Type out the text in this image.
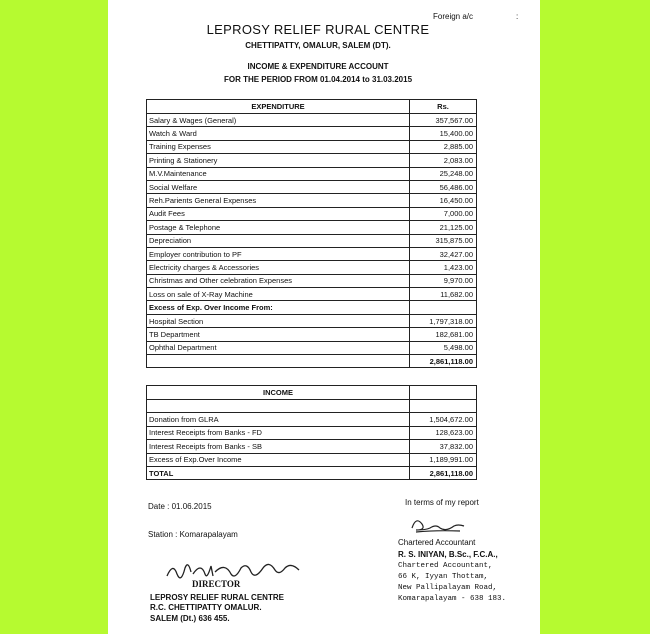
Foreign a/c	:
LEPROSY RELIEF RURAL CENTRE
CHETTIPATTY, OMALUR, SALEM (DT).
INCOME & EXPENDITURE ACCOUNT
FOR THE PERIOD FROM 01.04.2014 to 31.03.2015
EXPENDITURE	Rs.
Salary & Wages (General)	357,567.00
Watch & Ward	15,400.00
Training Expenses	2,885.00
Printing & Stationery	2,083.00
M.V.Maintenance	25,248.00
Social Welfare	56,486.00
Reh.Parients General Expenses	16,450.00
Audit Fees	7,000.00
Postage & Telephone	21,125.00
Depreciation	315,875.00
Employer contribution to PF	32,427.00
Electricity charges & Accessories	1,423.00
Christmas and Other celebration Expenses	9,970.00
Loss on sale of X-Ray Machine	11,682.00
Excess of Exp. Over Income From:	
Hospital Section	1,797,318.00
TB Department	182,681.00
Ophthal Department	5,498.00
	2,861,118.00
INCOME	

Donation from GLRA	1,504,672.00
Interest Receipts from Banks - FD	128,623.00
Interest Receipts from Banks - SB	37,832.00
Excess of Exp.Over Income	1,189,991.00
TOTAL	2,861,118.00
Date : 01.06.2015
Station : Komarapalayam
DIRECTOR
LEPROSY RELIEF RURAL CENTRE
R.C. CHETTIPATTY OMALUR.
SALEM (Dt.) 636 455.
In terms of my report
Chartered Accountant
R. S. INIYAN, B.Sc., F.C.A.,
Chartered Accountant,
66 K, Iyyan Thottam,
New Pallipalayam Road,
Komarapalayam - 638 183.
